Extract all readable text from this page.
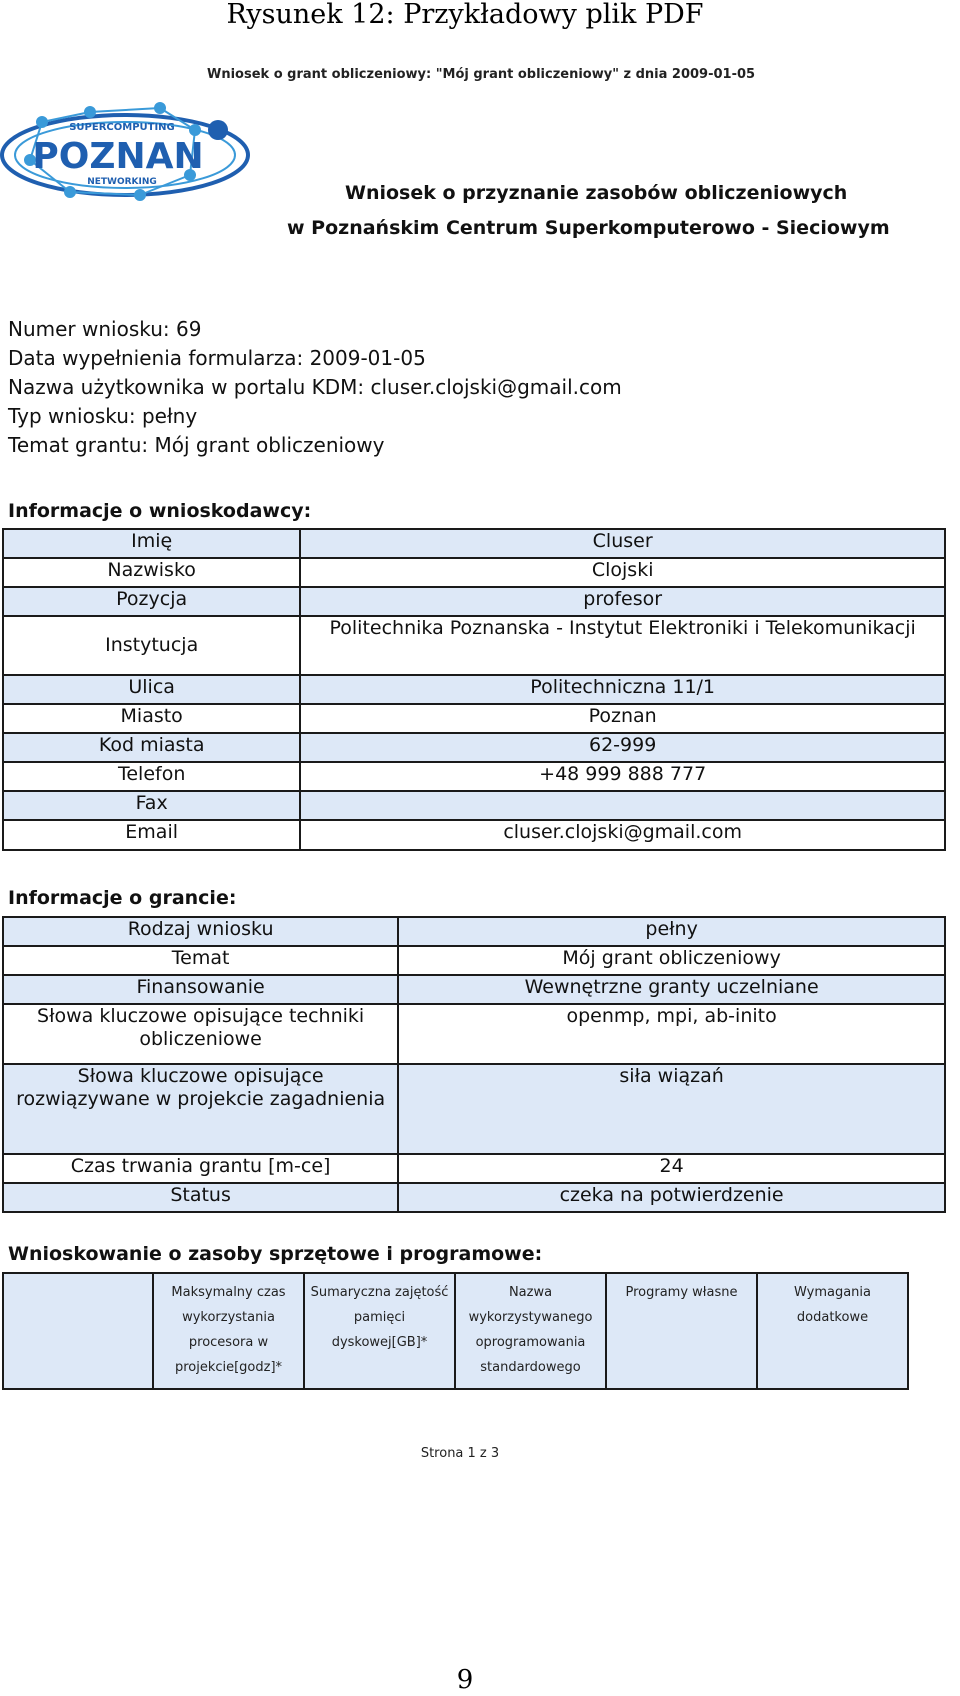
Rysunek 12: Przykładowy plik PDF
Wniosek o grant obliczeniowy: "Mój grant obliczeniowy" z dnia 2009-01-05
SUPERCOMPUTING
POZNAN
NETWORKING	Wniosek o przyznanie zasobów obliczeniowych
w Poznańskim Centrum Superkomputerowo - Sieciowym
Numer wniosku: 69
Data wypełnienia formularza: 2009-01-05
Nazwa użytkownika w portalu KDM: cluser.clojski@gmail.com
Typ wniosku: pełny
Temat grantu: Mój grant obliczeniowy
Informacje o wnioskodawcy:
Imię	Cluser
Nazwisko	Clojski
Pozycja	profesor
Instytucja	Politechnika Poznanska - Instytut Elektroniki i Telekomunikacji
Ulica	Politechniczna 11/1
Miasto	Poznan
Kod miasta	62-999
Telefon	+48 999 888 777
Fax	
Email	cluser.clojski@gmail.com
Informacje o grancie:
Rodzaj wniosku	pełny
Temat	Mój grant obliczeniowy
Finansowanie	Wewnętrzne granty uczelniane
Słowa kluczowe opisujące techniki obliczeniowe	openmp, mpi, ab-inito
Słowa kluczowe opisujące rozwiązywane w projekcie zagadnienia	siła wiązań
Czas trwania grantu [m-ce]	24
Status	czeka na potwierdzenie
Wnioskowanie o zasoby sprzętowe i programowe:
	Maksymalny czas wykorzystania procesora w projekcie[godz]*	Sumaryczna zajętość pamięci dyskowej[GB]*	Nazwa wykorzystywanego oprogramowania standardowego	Programy własne	Wymagania dodatkowe
Strona 1 z 3
9
